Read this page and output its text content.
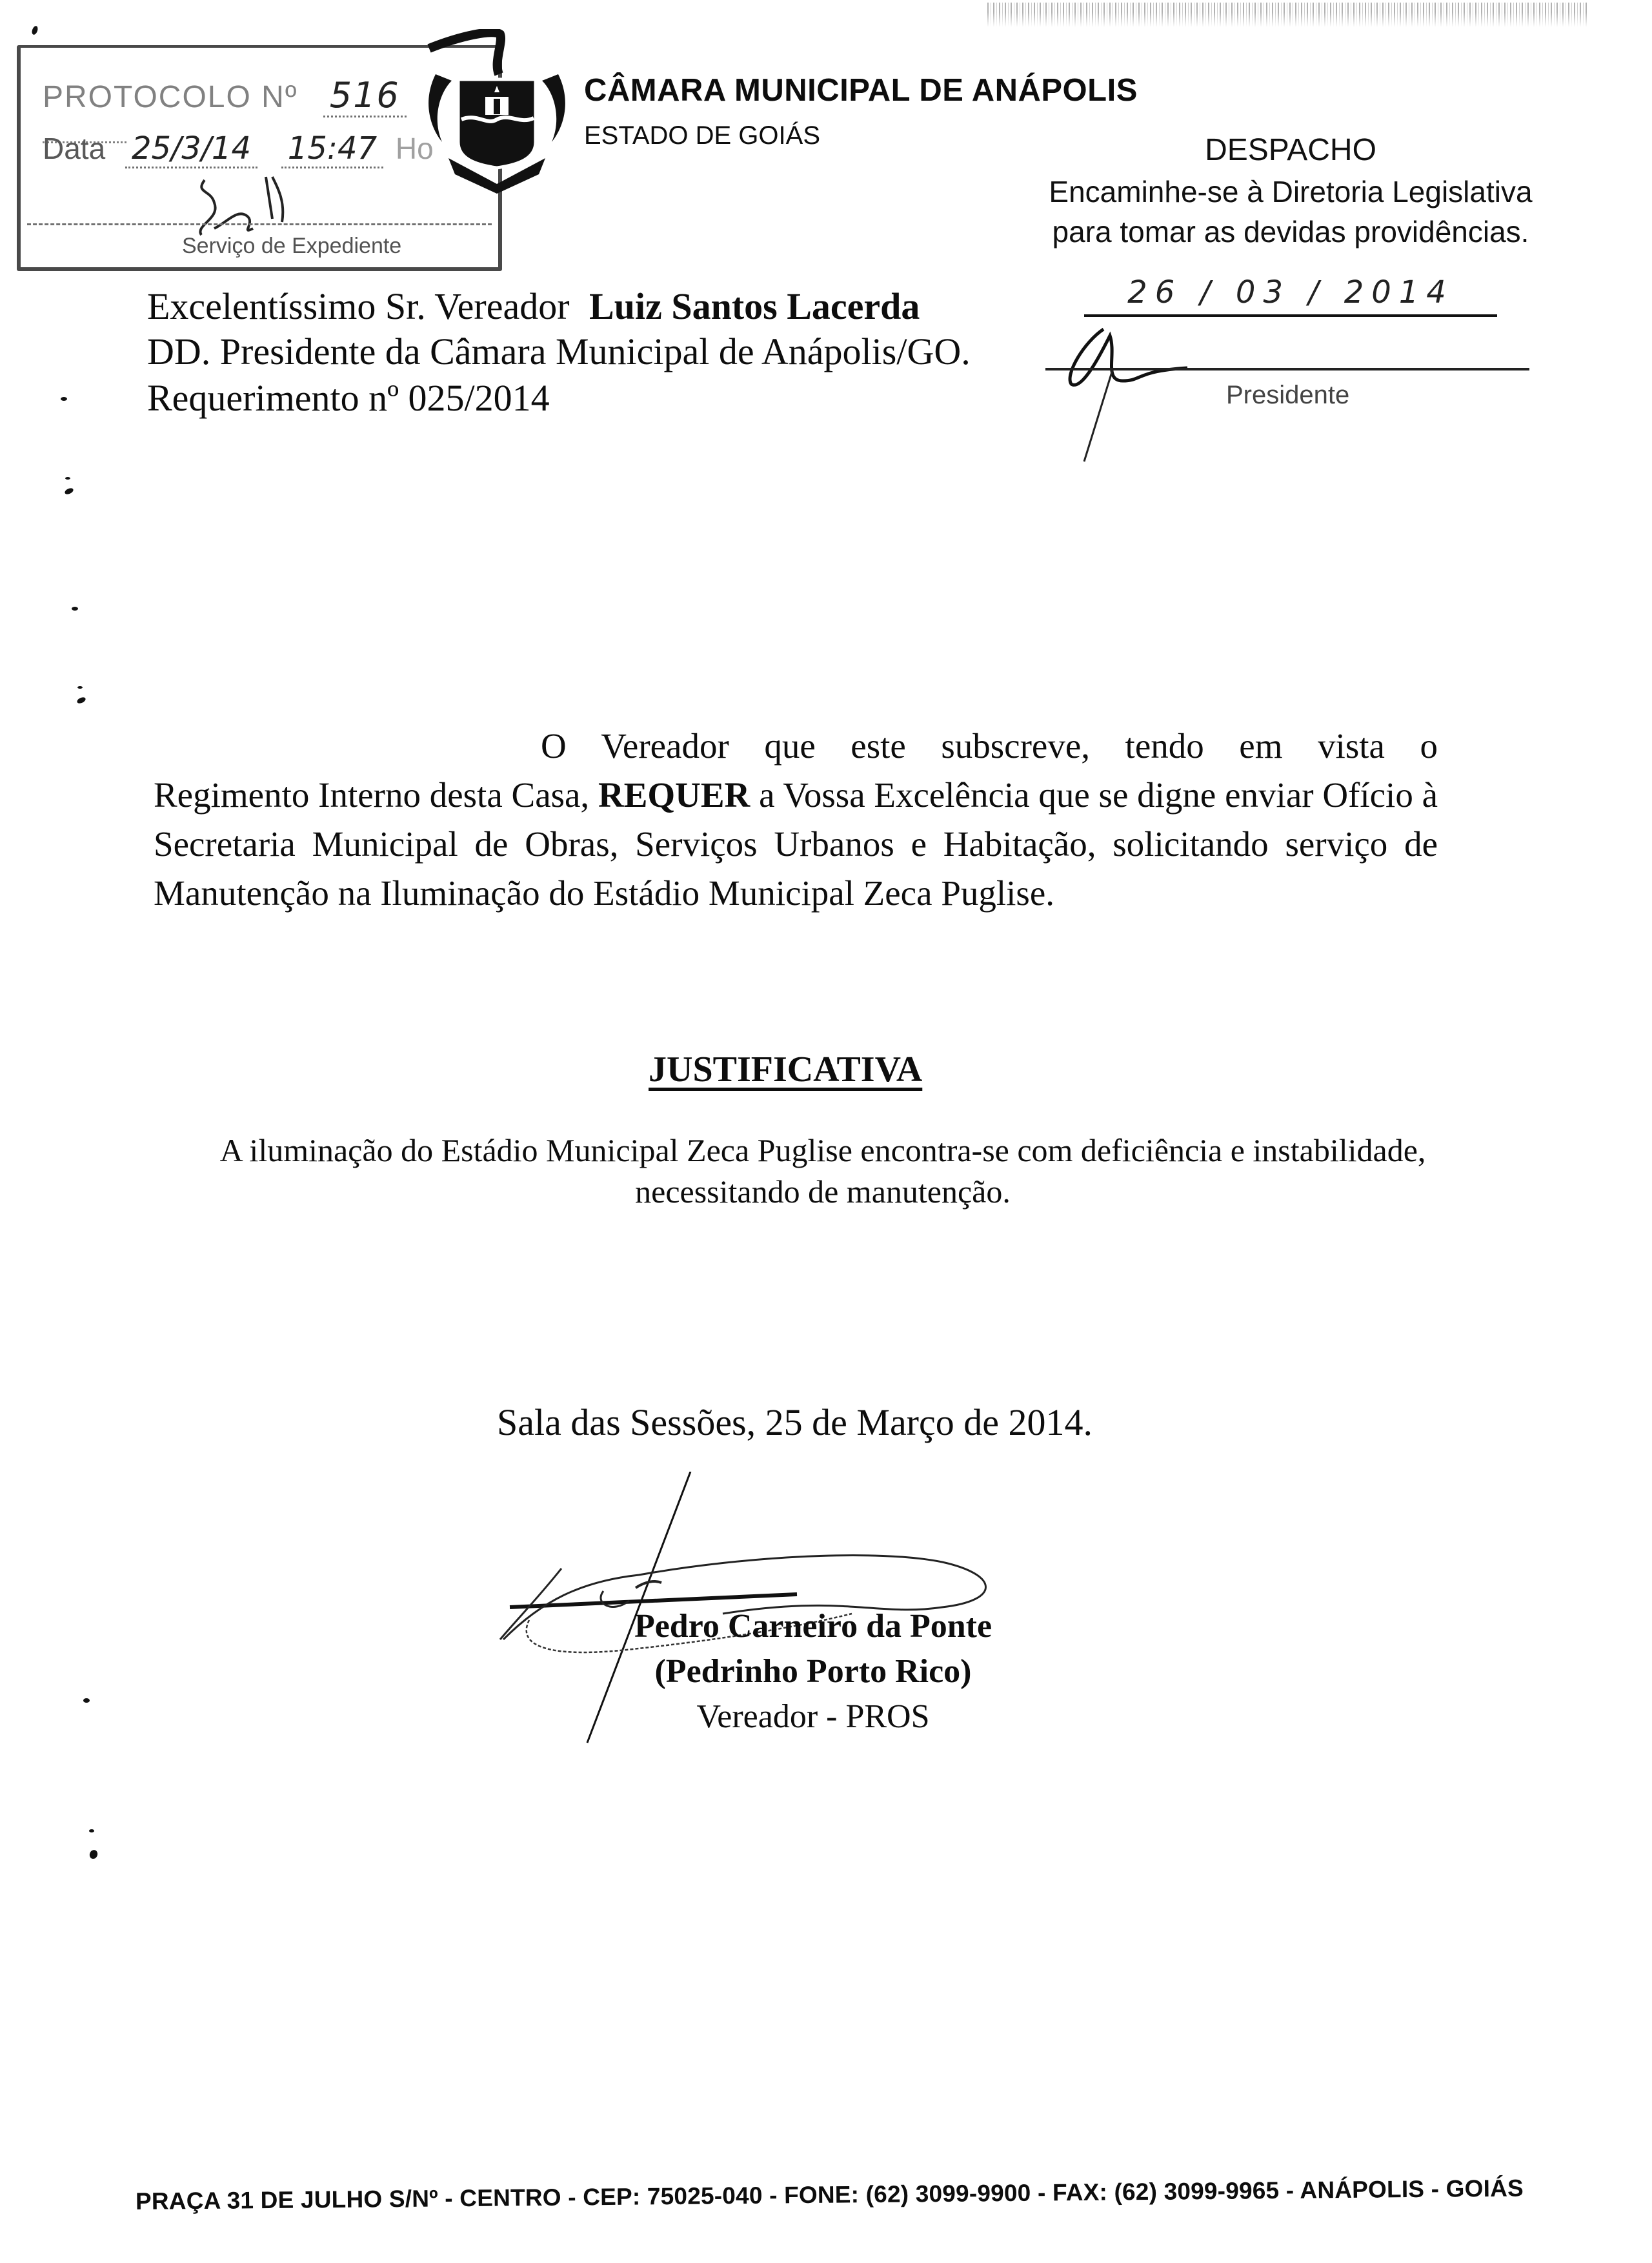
PROTOCOLO Nº 516
Data 25/3/14 15:47 Ho
Serviço de Expediente
CÂMARA MUNICIPAL DE ANÁPOLIS
ESTADO DE GOIÁS	DESPACHO
Encaminhe-se à Diretoria Legislativa
para tomar as devidas providências.
26 / 03 / 2014
Presidente
Excelentíssimo Sr. Vereador Luiz Santos Lacerda
DD. Presidente da Câmara Municipal de Anápolis/GO.
Requerimento nº 025/2014
O Vereador que este subscreve, tendo em vista o
Regimento Interno desta Casa, REQUER a Vossa Excelência que se digne enviar Ofício à Secretaria Municipal de Obras, Serviços Urbanos e Habitação, solicitando serviço de Manutenção na Iluminação do Estádio Municipal Zeca Puglise.
JUSTIFICATIVA
A iluminação do Estádio Municipal Zeca Puglise encontra-se com deficiência e instabilidade, necessitando de manutenção.
Sala das Sessões, 25 de Março de 2014.
Pedro Carneiro da Ponte
(Pedrinho Porto Rico)
Vereador - PROS
PRAÇA 31 DE JULHO S/Nº - CENTRO - CEP: 75025-040 - FONE: (62) 3099-9900 - FAX: (62) 3099-9965 - ANÁPOLIS - GOIÁS
